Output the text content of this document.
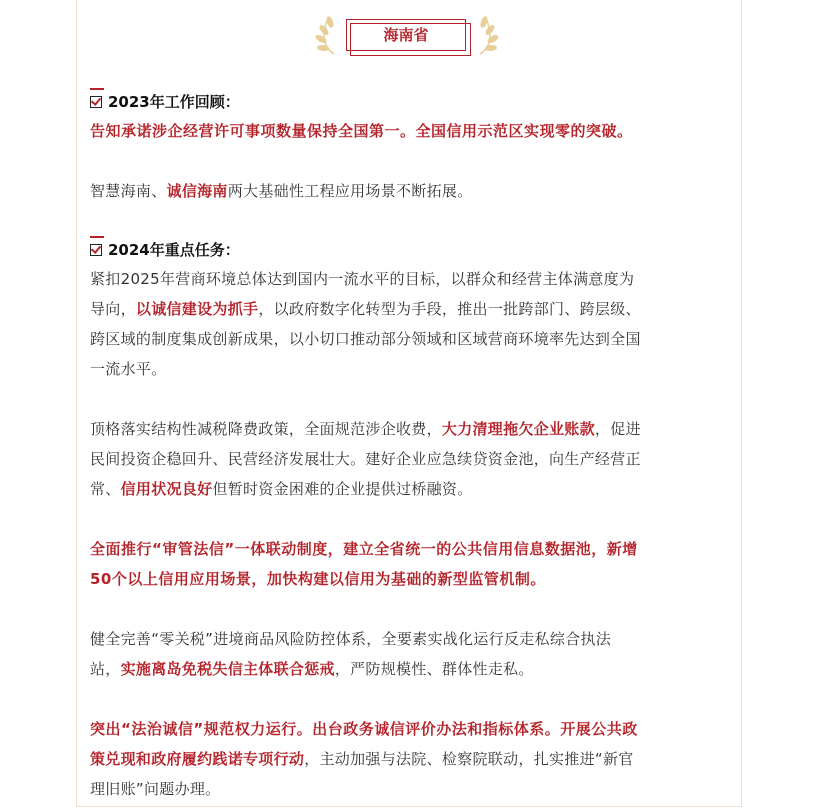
海南省
2023年工作回顾：

告知承诺涉企经营许可事项数量保持全国第一。全国信用示范区实现零的突破。

智慧海南、诚信海南两大基础性工程应用场景不断拓展。

2024年重点任务：

紧扣2025年营商环境总体达到国内一流水平的目标，以群众和经营主体满意度为
导向，以诚信建设为抓手，以政府数字化转型为手段，推出一批跨部门、跨层级、
跨区域的制度集成创新成果，以小切口推动部分领域和区域营商环境率先达到全国
一流水平。

顶格落实结构性减税降费政策，全面规范涉企收费，大力清理拖欠企业账款，促进
民间投资企稳回升、民营经济发展壮大。建好企业应急续贷资金池，向生产经营正
常、信用状况良好但暂时资金困难的企业提供过桥融资。

全面推行“审管法信”一体联动制度，建立全省统一的公共信用信息数据池，新增
50个以上信用应用场景，加快构建以信用为基础的新型监管机制。

健全完善“零关税”进境商品风险防控体系，全要素实战化运行反走私综合执法
站，实施离岛免税失信主体联合惩戒，严防规模性、群体性走私。

突出“法治诚信”规范权力运行。出台政务诚信评价办法和指标体系。开展公共政
策兑现和政府履约践诺专项行动，主动加强与法院、检察院联动，扎实推进“新官
理旧账”问题办理。
